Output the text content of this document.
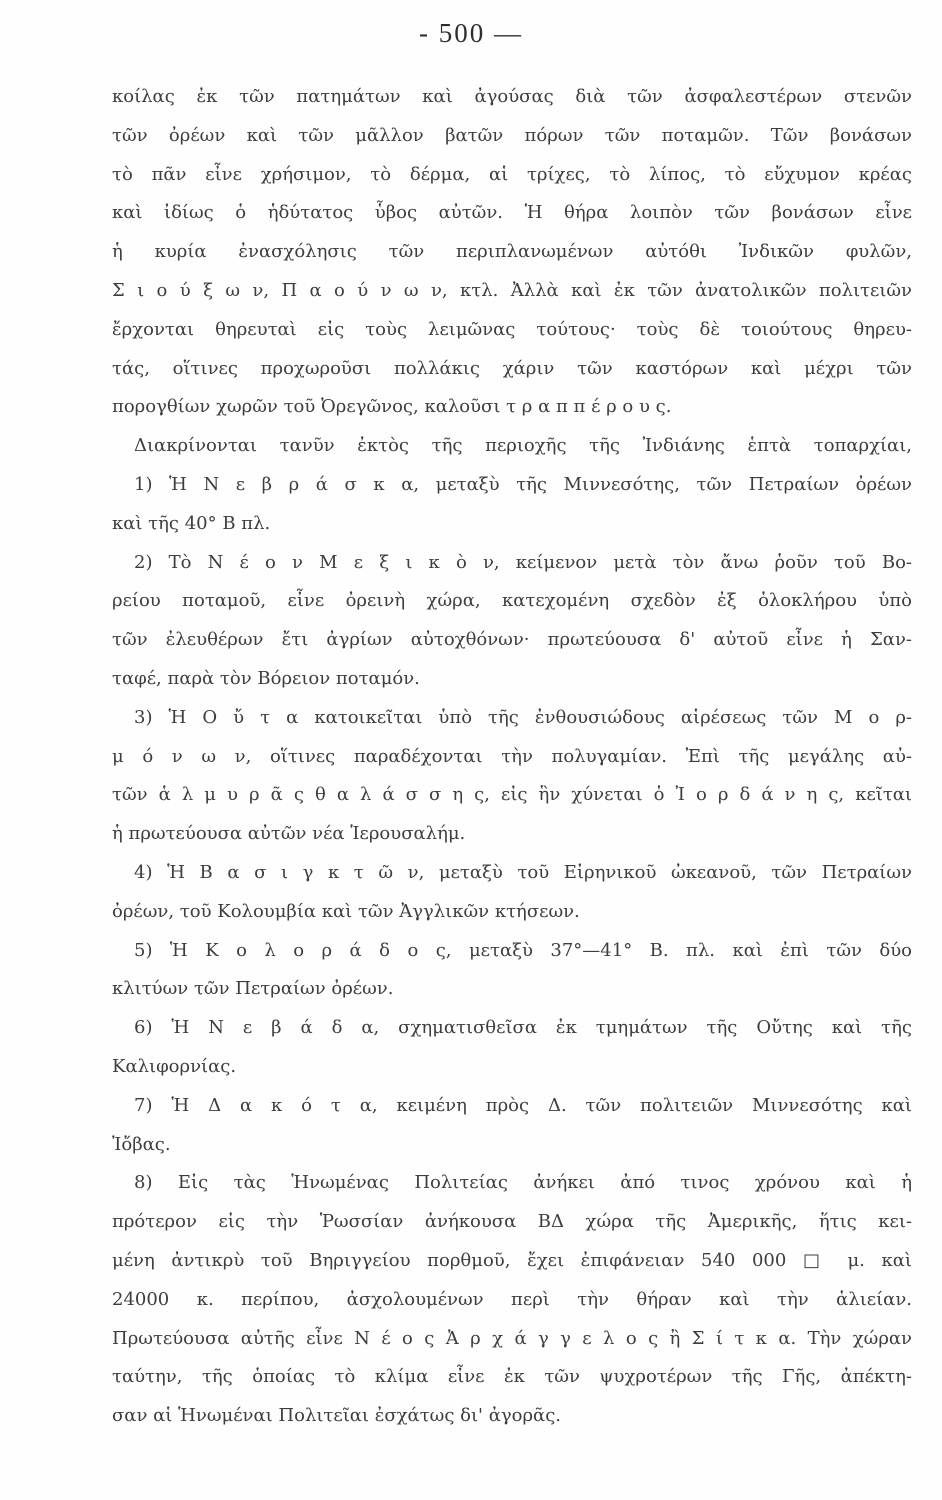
- 500 —
κοίλας ἐκ τῶν πατημάτων καὶ ἀγούσας διὰ τῶν ἀσφαλεστέρων στενῶν
τῶν ὀρέων καὶ τῶν μᾶλλον βατῶν πόρων τῶν ποταμῶν. Τῶν βονάσων
τὸ πᾶν εἶνε χρήσιμον, τὸ δέρμα, αἱ τρίχες, τὸ λίπος, τὸ εὔχυμον κρέας
καὶ ἰδίως ὁ ἡδύτατος ὗβος αὐτῶν. Ἡ θήρα λοιπὸν τῶν βονάσων εἶνε
ἡ κυρία ἐνασχόλησις τῶν περιπλανωμένων αὐτόθι Ἰνδικῶν φυλῶν,
Σ ι ο ύ ξ ω ν, Π α ο ύ ν ω ν, κτλ. Ἀλλὰ καὶ ἐκ τῶν ἀνατολικῶν πολιτειῶν
ἔρχονται θηρευταὶ εἰς τοὺς λειμῶνας τούτους· τοὺς δὲ τοιούτους θηρευ-
τάς, οἵτινες προχωροῦσι πολλάκις χάριν τῶν καστόρων καὶ μέχρι τῶν
πορογθίων χωρῶν τοῦ Ὀρεγῶνος, καλοῦσι τ ρ α π π έ ρ ο υ ς.
Διακρίνονται τανῦν ἐκτὸς τῆς περιοχῆς τῆς Ἰνδιάνης ἑπτὰ τοπαρχίαι,
1) Ἡ Ν ε β ρ ά σ κ α, μεταξὺ τῆς Μιννεσότης, τῶν Πετραίων ὀρέων
καὶ τῆς 40° Β πλ.
2) Τὸ Ν έ ο ν Μ ε ξ ι κ ὸ ν, κείμενον μετὰ τὸν ἄνω ῥοῦν τοῦ Βο-
ρείου ποταμοῦ, εἶνε ὀρεινὴ χώρα, κατεχομένη σχεδὸν ἐξ ὁλοκλήρου ὑπὸ
τῶν ἐλευθέρων ἔτι ἀγρίων αὐτοχθόνων· πρωτεύουσα δ' αὐτοῦ εἶνε ἡ Σαν-
ταφέ, παρὰ τὸν Βόρειον ποταμόν.
3) Ἡ Ο ὔ τ α κατοικεῖται ὑπὸ τῆς ἐνθουσιώδους αἱρέσεως τῶν Μ ο ρ-
μ ό ν ω ν, οἵτινες παραδέχονται τὴν πολυγαμίαν. Ἐπὶ τῆς μεγάλης αὐ-
τῶν ἁ λ μ υ ρ ᾶ ς θ α λ ά σ σ η ς, εἰς ἣν χύνεται ὁ Ἰ ο ρ δ ά ν η ς, κεῖται
ἡ πρωτεύουσα αὐτῶν νέα Ἱερουσαλήμ.
4) Ἡ Β α σ ι γ κ τ ῶ ν, μεταξὺ τοῦ Εἰρηνικοῦ ὠκεανοῦ, τῶν Πετραίων
ὀρέων, τοῦ Κολουμβία καὶ τῶν Ἀγγλικῶν κτήσεων.
5) Ἡ Κ ο λ ο ρ ά δ ο ς, μεταξὺ 37°—41° Β. πλ. καὶ ἐπὶ τῶν δύο
κλιτύων τῶν Πετραίων ὀρέων.
6) Ἡ Ν ε β ά δ α, σχηματισθεῖσα ἐκ τμημάτων τῆς Οὔτης καὶ τῆς
Καλιφορνίας.
7) Ἡ Δ α κ ό τ α, κειμένη πρὸς Δ. τῶν πολιτειῶν Μιννεσότης καὶ
Ἰὄβας.
8) Εἰς τὰς Ἡνωμένας Πολιτείας ἀνήκει ἀπό τινος χρόνου καὶ ἡ
πρότερον εἰς τὴν Ῥωσσίαν ἀνήκουσα ΒΔ χώρα τῆς Ἀμερικῆς, ἥτις κει-
μένη ἀντικρὺ τοῦ Βηριγγείου πορθμοῦ, ἔχει ἐπιφάνειαν 540 000 □ μ. καὶ
24000 κ. περίπου, ἀσχολουμένων περὶ τὴν θήραν καὶ τὴν ἁλιείαν.
Πρωτεύουσα αὐτῆς εἶνε Ν έ ο ς Ἀ ρ χ ά γ γ ε λ ο ς ἢ Σ ί τ κ α. Τὴν χώραν
ταύτην, τῆς ὁποίας τὸ κλίμα εἶνε ἐκ τῶν ψυχροτέρων τῆς Γῆς, ἀπέκτη-
σαν αἱ Ἡνωμέναι Πολιτεῖαι ἐσχάτως δι' ἀγορᾶς.
